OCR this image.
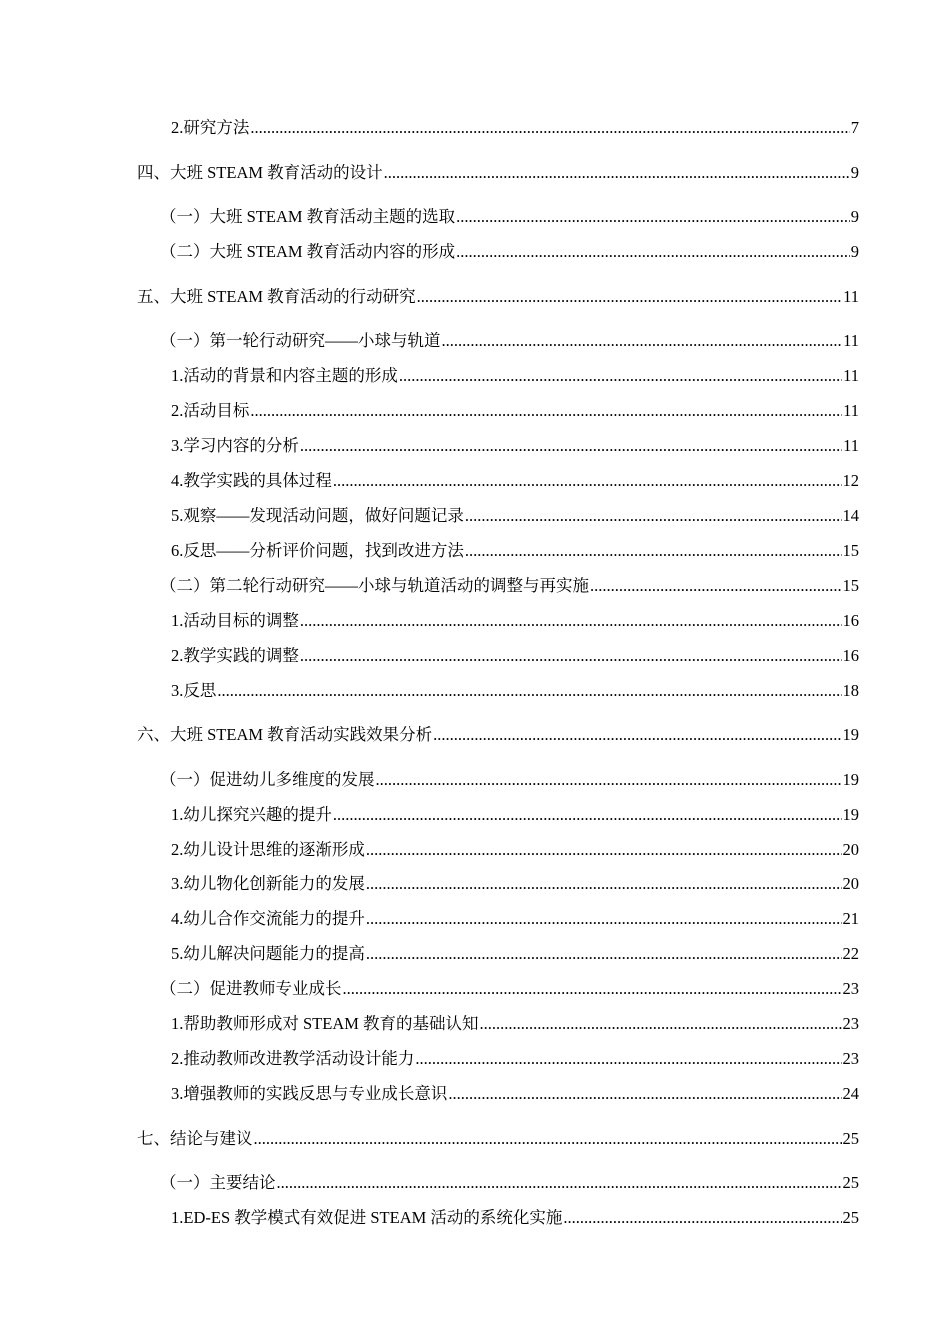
2.研究方法 .....	7
四、大班 STEAM 教育活动的设计 .....	9
（一）大班 STEAM 教育活动主题的选取 .....	9
（二）大班 STEAM 教育活动内容的形成 .....	9
五、大班 STEAM 教育活动的行动研究 .....	11
（一）第一轮行动研究——小球与轨道 .....	11
1.活动的背景和内容主题的形成 .....	11
2.活动目标 .....	11
3.学习内容的分析 .....	11
4.教学实践的具体过程 .....	12
5.观察——发现活动问题，做好问题记录 .....	14
6.反思——分析评价问题，找到改进方法 .....	15
（二）第二轮行动研究——小球与轨道活动的调整与再实施 .....	15
1.活动目标的调整 .....	16
2.教学实践的调整 .....	16
3.反思 .....	18
六、大班 STEAM 教育活动实践效果分析 .....	19
（一）促进幼儿多维度的发展 .....	19
1.幼儿探究兴趣的提升 .....	19
2.幼儿设计思维的逐渐形成 .....	20
3.幼儿物化创新能力的发展 .....	20
4.幼儿合作交流能力的提升 .....	21
5.幼儿解决问题能力的提高 .....	22
（二）促进教师专业成长 .....	23
1.帮助教师形成对 STEAM 教育的基础认知 .....	23
2.推动教师改进教学活动设计能力 .....	23
3.增强教师的实践反思与专业成长意识 .....	24
七、结论与建议 .....	25
（一）主要结论 .....	25
1.ED-ES 教学模式有效促进 STEAM 活动的系统化实施 .....	25
